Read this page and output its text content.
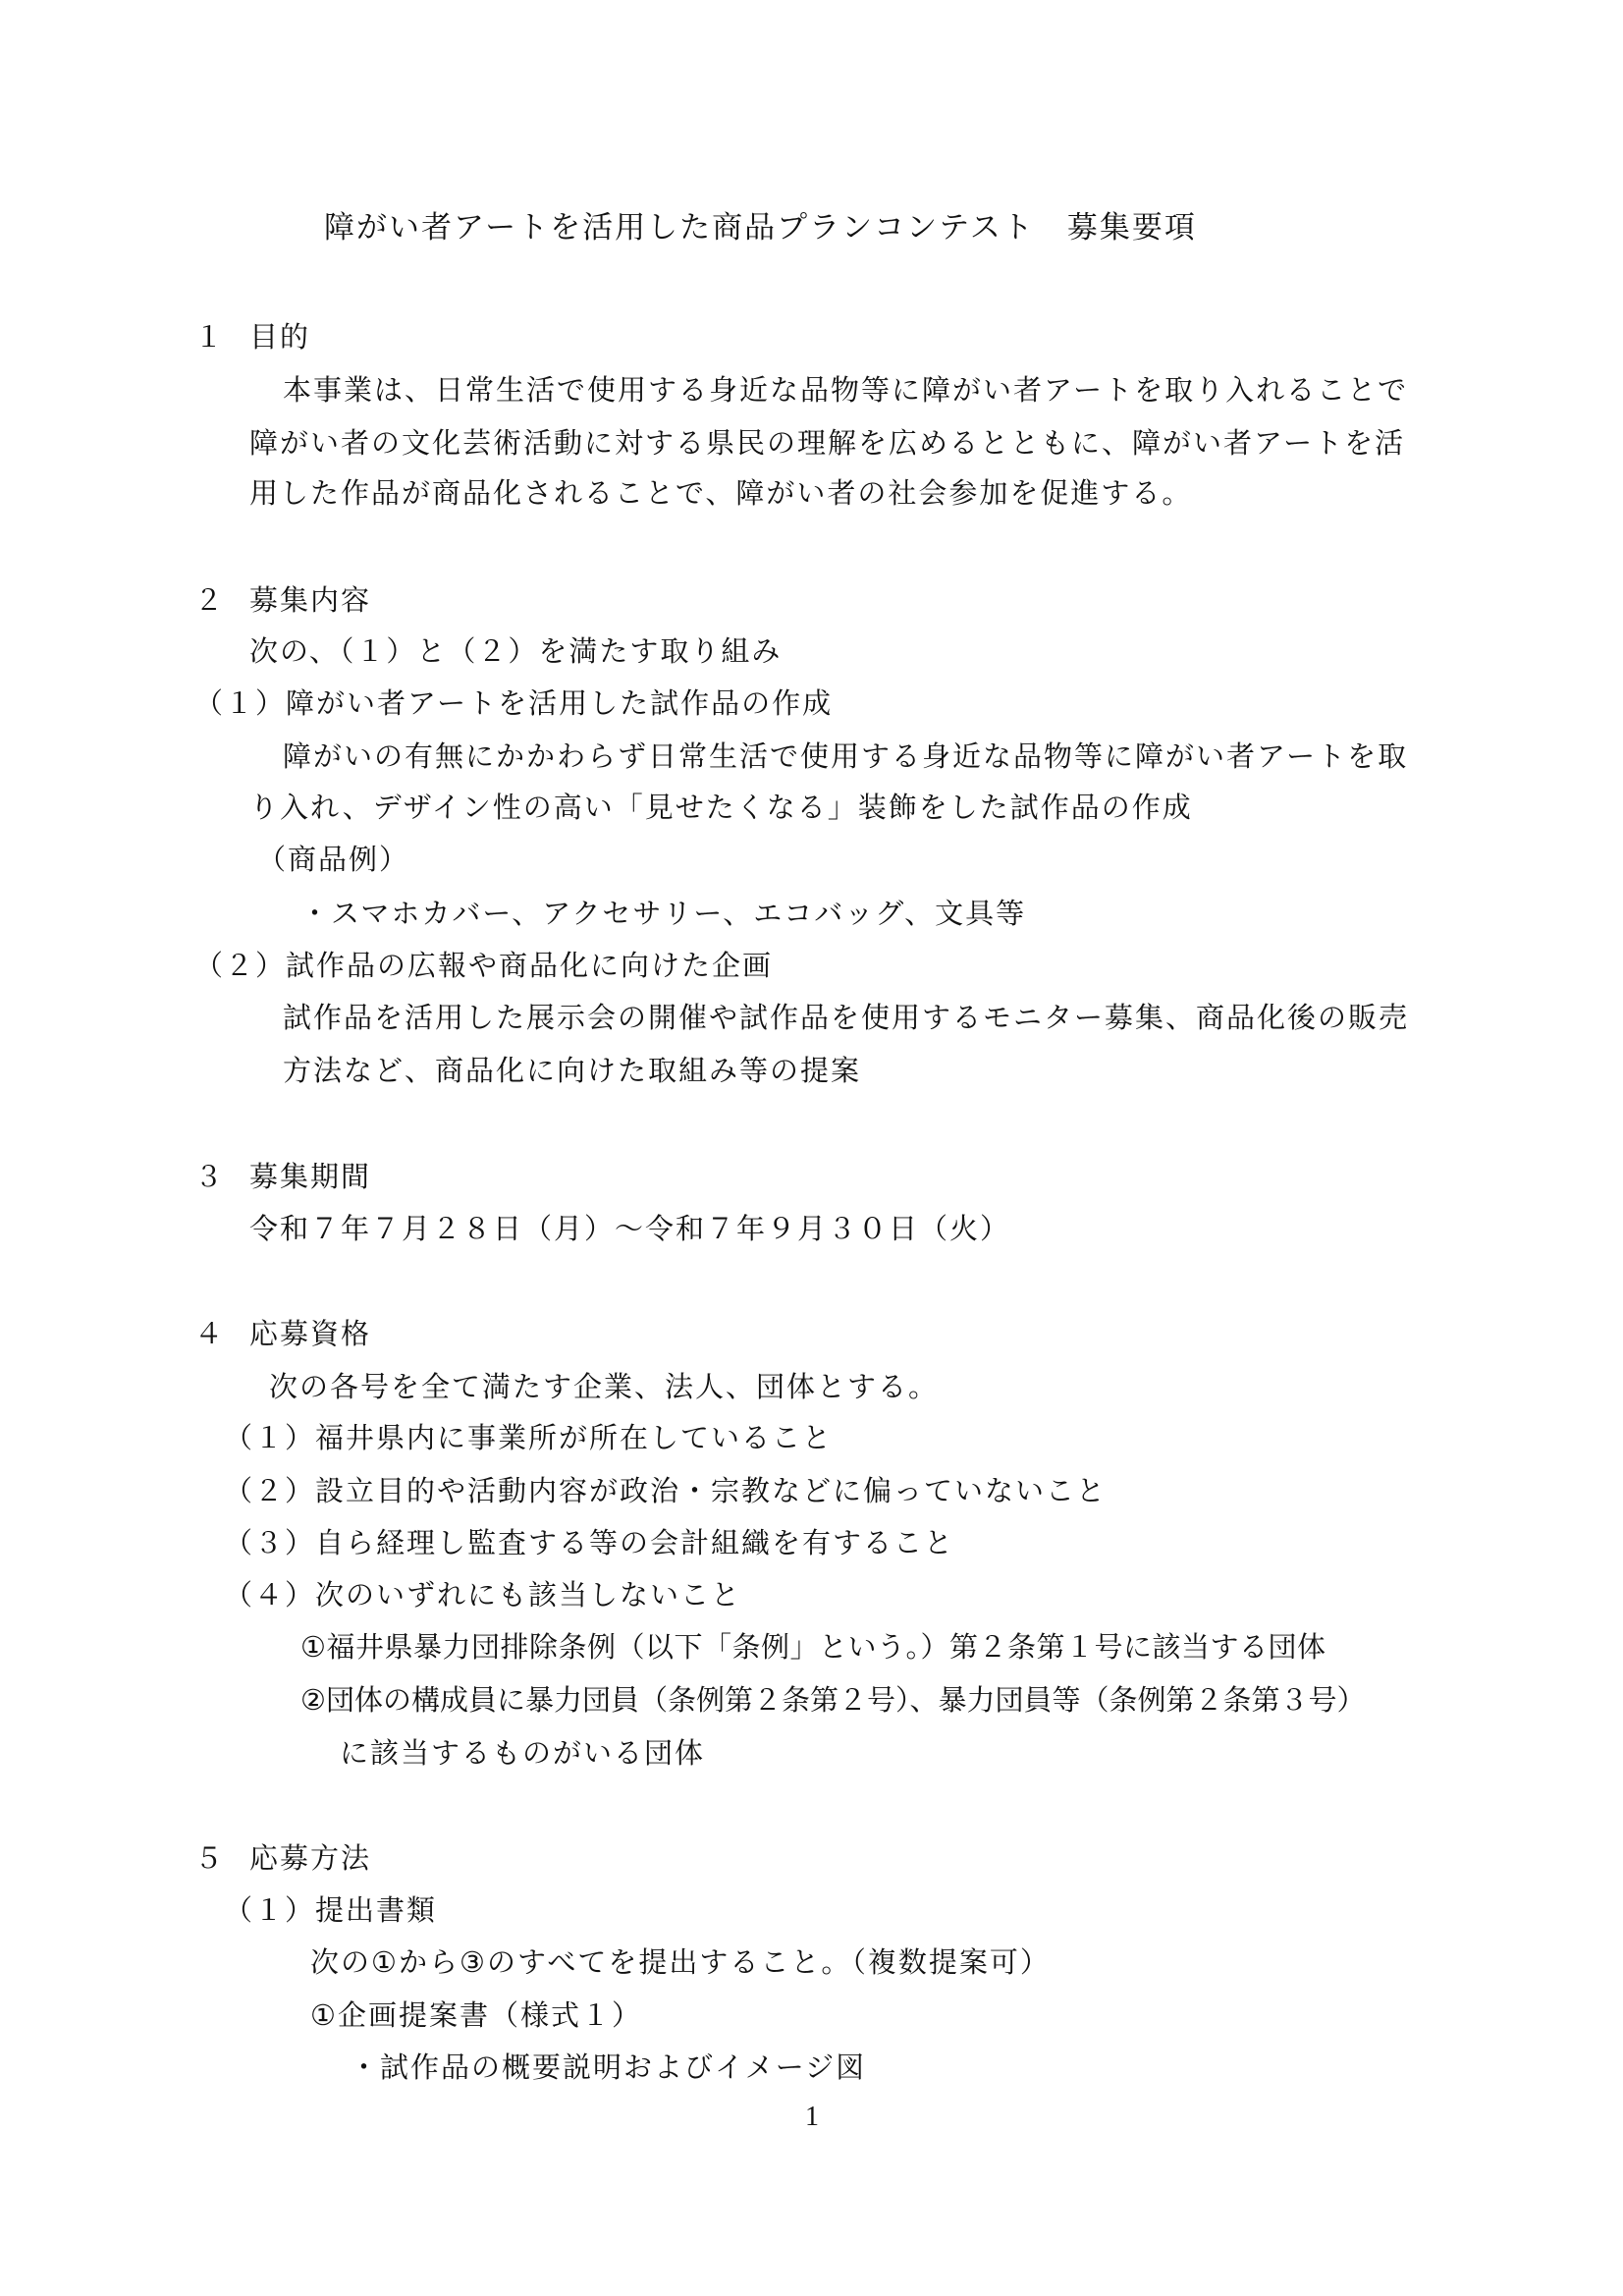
障がい者アートを活用した商品プランコンテスト　募集要項

１ 目的

本事業は、日常生活で使用する身近な品物等に障がい者アートを取り入れることで

障がい者の文化芸術活動に対する県民の理解を広めるとともに、障がい者アートを活

用した作品が商品化されることで、障がい者の社会参加を促進する。

２ 募集内容

次の、（１）と（２）を満たす取り組み

（１）障がい者アートを活用した試作品の作成

障がいの有無にかかわらず日常生活で使用する身近な品物等に障がい者アートを取

り入れ、デザイン性の高い「見せたくなる」装飾をした試作品の作成

（商品例）

・スマホカバー、アクセサリー、エコバッグ、文具等

（２）試作品の広報や商品化に向けた企画

試作品を活用した展示会の開催や試作品を使用するモニター募集、商品化後の販売

方法など、商品化に向けた取組み等の提案

３ 募集期間

令和７年７月２８日（月）～令和７年９月３０日（火）

４ 応募資格

次の各号を全て満たす企業、法人、団体とする。

（１）福井県内に事業所が所在していること

（２）設立目的や活動内容が政治・宗教などに偏っていないこと

（３）自ら経理し監査する等の会計組織を有すること

（４）次のいずれにも該当しないこと

①福井県暴力団排除条例（以下「条例」という。）第２条第１号に該当する団体

②団体の構成員に暴力団員（条例第２条第２号）、暴力団員等（条例第２条第３号）

に該当するものがいる団体

５ 応募方法

（１）提出書類

次の①から③のすべてを提出すること。（複数提案可）

①企画提案書（様式１）

・試作品の概要説明およびイメージ図

1
